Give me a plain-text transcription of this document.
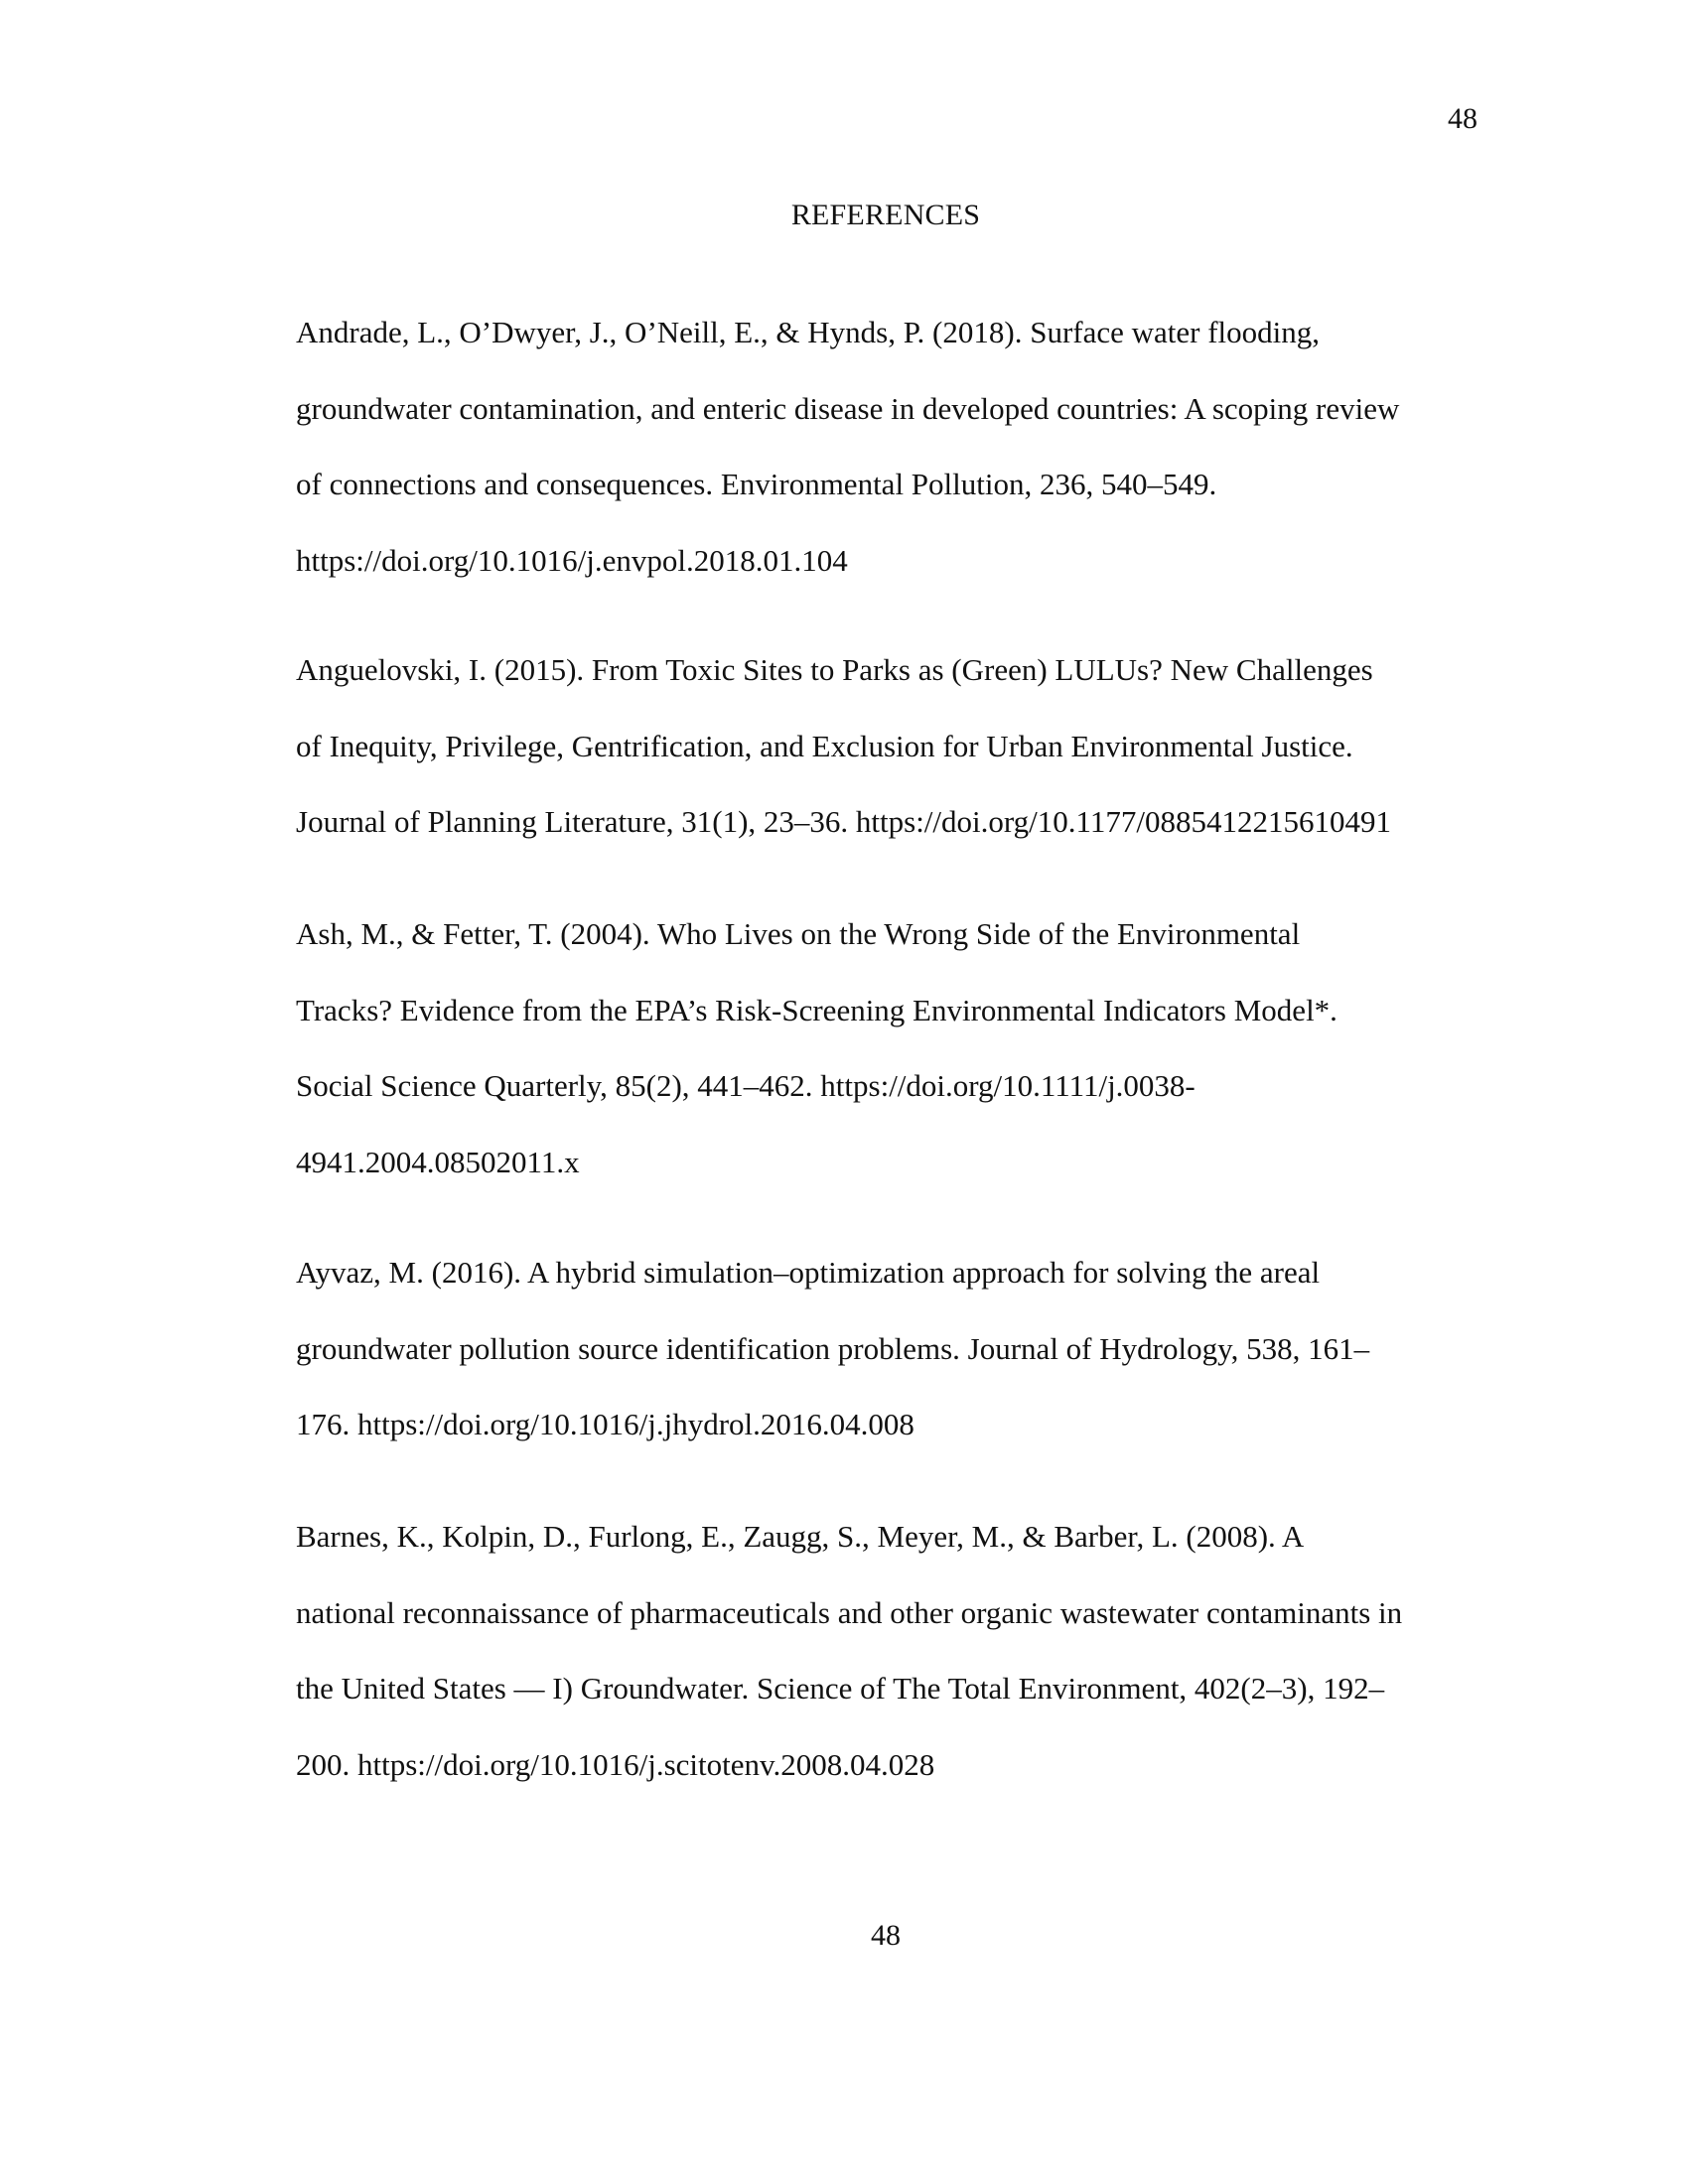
48
REFERENCES
Andrade, L., O’Dwyer, J., O’Neill, E., & Hynds, P. (2018). Surface water flooding,
groundwater contamination, and enteric disease in developed countries: A scoping review
of connections and consequences. Environmental Pollution, 236, 540–549.
https://doi.org/10.1016/j.envpol.2018.01.104
Anguelovski, I. (2015). From Toxic Sites to Parks as (Green) LULUs? New Challenges
of Inequity, Privilege, Gentrification, and Exclusion for Urban Environmental Justice.
Journal of Planning Literature, 31(1), 23–36. https://doi.org/10.1177/0885412215610491
Ash, M., & Fetter, T. (2004). Who Lives on the Wrong Side of the Environmental
Tracks? Evidence from the EPA’s Risk-Screening Environmental Indicators Model*.
Social Science Quarterly, 85(2), 441–462. https://doi.org/10.1111/j.0038-
4941.2004.08502011.x
Ayvaz, M. (2016). A hybrid simulation–optimization approach for solving the areal
groundwater pollution source identification problems. Journal of Hydrology, 538, 161–
176. https://doi.org/10.1016/j.jhydrol.2016.04.008
Barnes, K., Kolpin, D., Furlong, E., Zaugg, S., Meyer, M., & Barber, L. (2008). A
national reconnaissance of pharmaceuticals and other organic wastewater contaminants in
the United States — I) Groundwater. Science of The Total Environment, 402(2–3), 192–
200. https://doi.org/10.1016/j.scitotenv.2008.04.028
48
